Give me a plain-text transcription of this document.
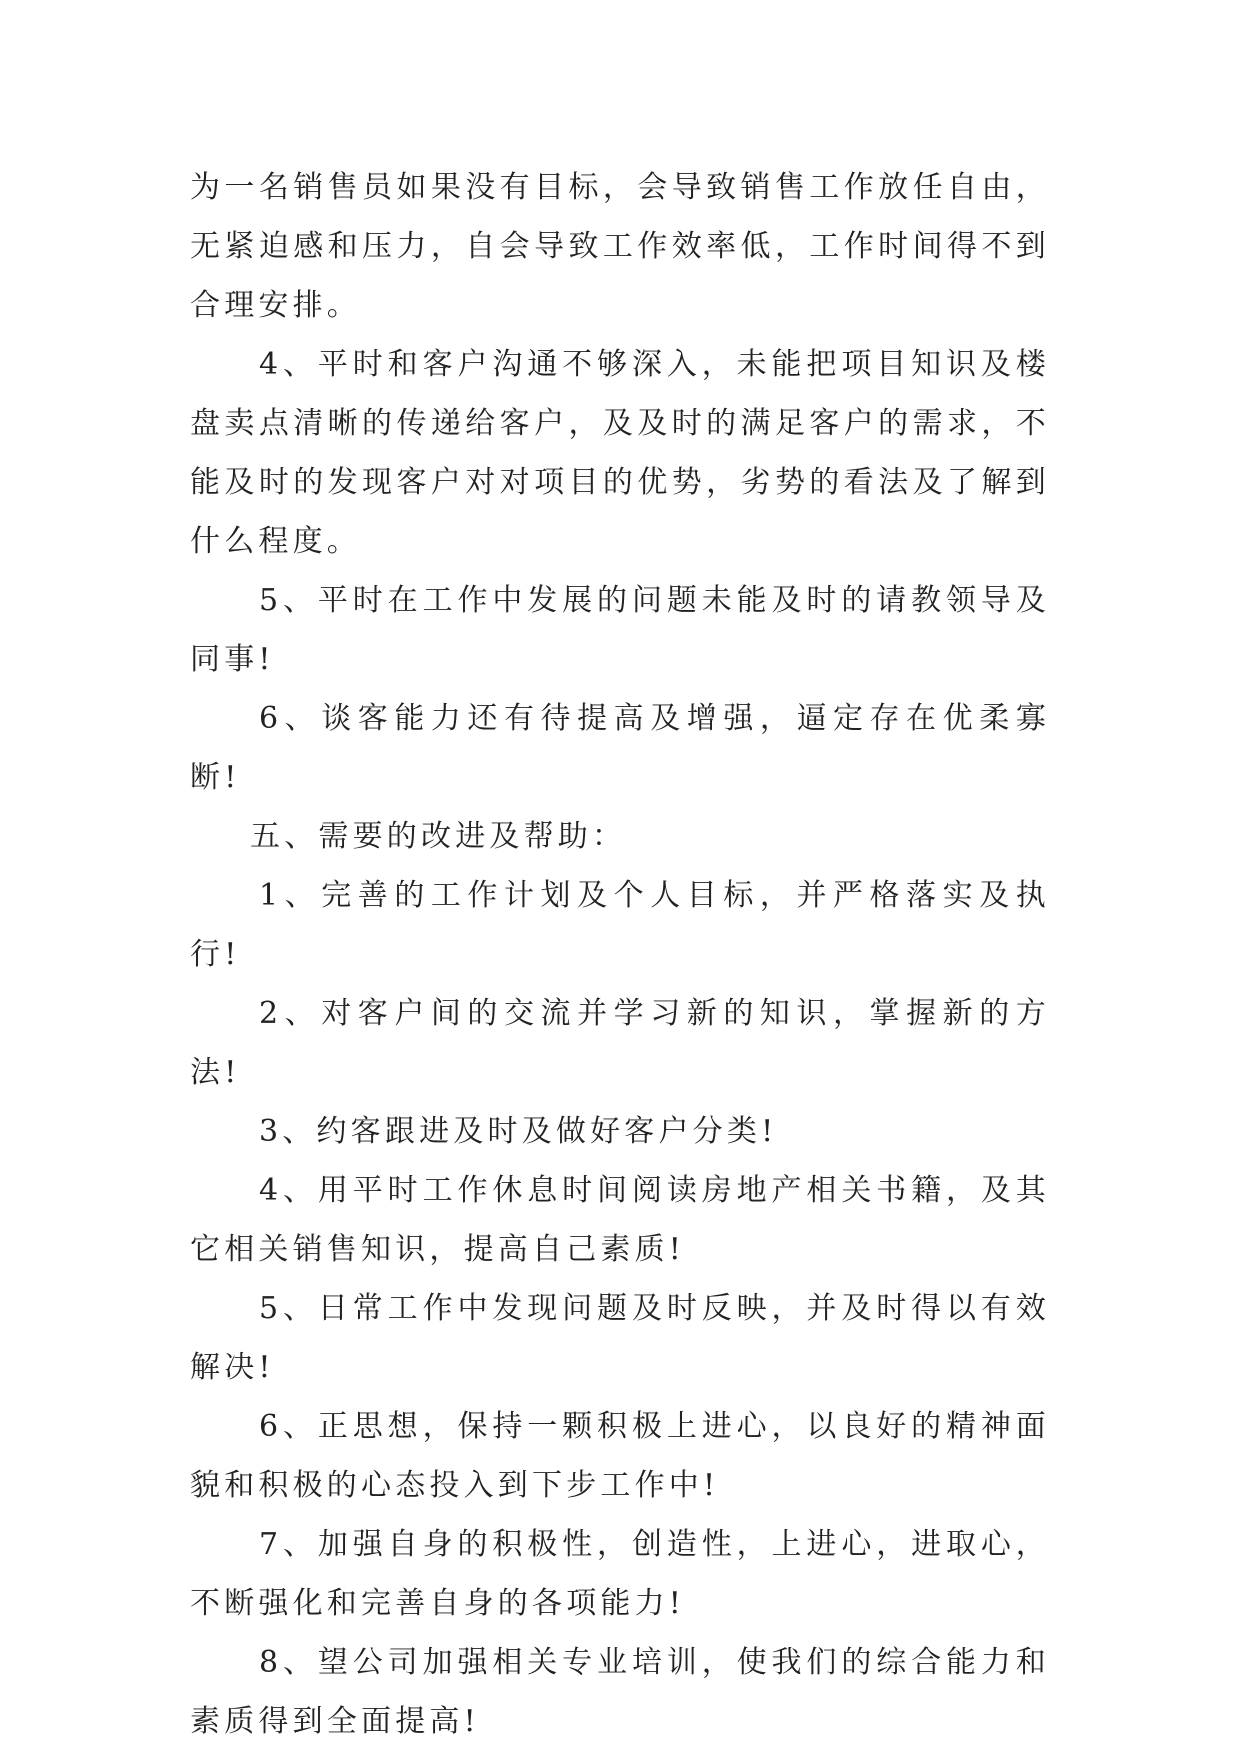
为一名销售员如果没有目标，会导致销售工作放任自由，无紧迫感和压力，自会导致工作效率低，工作时间得不到合理安排。

4、平时和客户沟通不够深入，未能把项目知识及楼盘卖点清晰的传递给客户，及及时的满足客户的需求，不能及时的发现客户对对项目的优势，劣势的看法及了解到什么程度。

5、平时在工作中发展的问题未能及时的请教领导及同事!

6、谈客能力还有待提高及增强，逼定存在优柔寡断!

五、需要的改进及帮助：

1、完善的工作计划及个人目标，并严格落实及执行!

2、对客户间的交流并学习新的知识，掌握新的方法!

3、约客跟进及时及做好客户分类!

4、用平时工作休息时间阅读房地产相关书籍，及其它相关销售知识，提高自己素质!

5、日常工作中发现问题及时反映，并及时得以有效解决!

6、正思想，保持一颗积极上进心，以良好的精神面貌和积极的心态投入到下步工作中!

7、加强自身的积极性，创造性，上进心，进取心，不断强化和完善自身的各项能力!

8、望公司加强相关专业培训，使我们的综合能力和素质得到全面提高!
